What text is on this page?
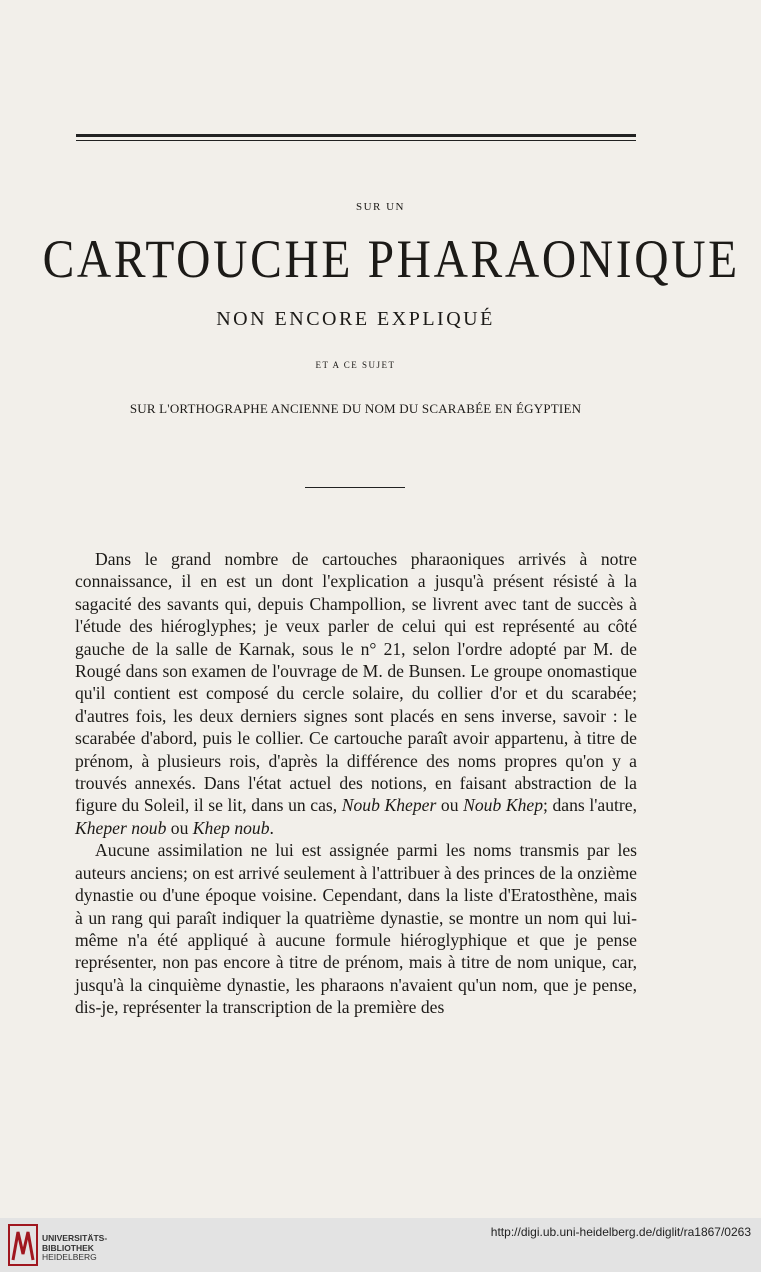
SUR UN
CARTOUCHE PHARAONIQUE
NON ENCORE EXPLIQUÉ
ET A CE SUJET
SUR L'ORTHOGRAPHE ANCIENNE DU NOM DU SCARABÉE EN ÉGYPTIEN

Dans le grand nombre de cartouches pharaoniques arrivés à notre connaissance, il en est un dont l'explication a jusqu'à présent résisté à la sagacité des savants qui, depuis Champollion, se livrent avec tant de succès à l'étude des hiéroglyphes; je veux parler de celui qui est représenté au côté gauche de la salle de Karnak, sous le n° 21, selon l'ordre adopté par M. de Rougé dans son examen de l'ouvrage de M. de Bunsen. Le groupe onomastique qu'il contient est composé du cercle solaire, du collier d'or et du scarabée; d'autres fois, les deux derniers signes sont placés en sens inverse, savoir : le scarabée d'abord, puis le collier. Ce cartouche paraît avoir appartenu, à titre de prénom, à plusieurs rois, d'après la différence des noms propres qu'on y a trouvés annexés. Dans l'état actuel des notions, en faisant abstraction de la figure du Soleil, il se lit, dans un cas, Noub Kheper ou Noub Khep; dans l'autre, Kheper noub ou Khep noub.

Aucune assimilation ne lui est assignée parmi les noms transmis par les auteurs anciens; on est arrivé seulement à l'attribuer à des princes de la onzième dynastie ou d'une époque voisine. Cependant, dans la liste d'Eratosthène, mais à un rang qui paraît indiquer la quatrième dynastie, se montre un nom qui lui-même n'a été appliqué à aucune formule hiéroglyphique et que je pense représenter, non pas encore à titre de prénom, mais à titre de nom unique, car, jusqu'à la cinquième dynastie, les pharaons n'avaient qu'un nom, que je pense, dis-je, représenter la transcription de la première des

UNIVERSITÄTS-
BIBLIOTHEK
HEIDELBERG
http://digi.ub.uni-heidelberg.de/diglit/ra1867/0263
